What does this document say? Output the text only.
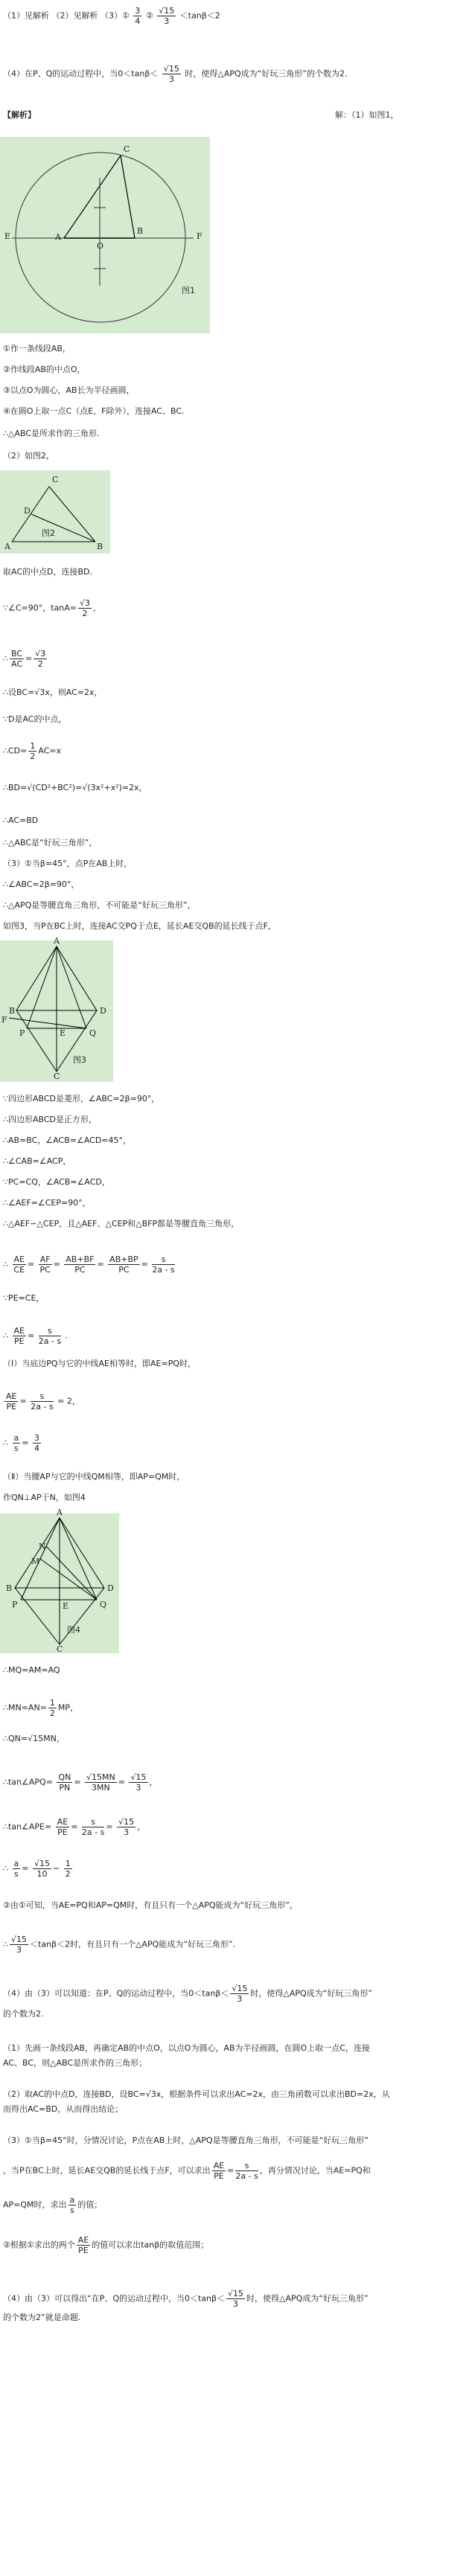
（1）见解析 （2）见解析 （3）① $\frac{3}{4}$ ② $\frac{√15}{3} <\tan\beta<2$
（4）在P、Q的运动过程中，当$0<\tan\beta< \frac{√15}{3}$ 时，使得△APQ成为“好玩三角形”的个数为2.
【解析】	解：（1）如图1，
C
E	A
B
F
O
图1
①作一条线段AB，
②作线段AB的中点O，
③以点O为圆心，AB长为半径画圆，
④在圆O上取一点C（点E、F除外），连接AC、BC.
∴△ABC是所求作的三角形.
（2）如图2，
C
D
A	B
图2
取AC的中点D，连接BD.
∵∠C=90°，$\tan A= \frac{√3}{2}$ ，
∴ $\frac{BC}{AC} = \frac{√3}{2}$
∴设BC=√3x，则AC=2x，
∵D是AC的中点，
∴CD= $\frac{1}{2} AC=x$
∴BD=√(CD²+BC²)=√(3x²+x²)=2x，
∴AC=BD
∴△ABC是“好玩三角形”，
（3）①当β=45°，点P在AB上时，
∴∠ABC=2β=90°，
∴△APQ是等腰直角三角形，不可能是“好玩三角形”，
如图3，当P在BC上时，连接AC交PQ于点E，延长AE交QB的延长线于点F，
A
B
C
D
E
F
P	Q
图3
∵四边形ABCD是菱形，∠ABC=2β=90°，
∴四边形ABCD是正方形，
∴AB=BC，∠ACB=∠ACD=45°，
∴∠CAB=∠ACP，
∵PC=CQ，∠ACB=∠ACD，
∴∠AEF=∠CEP=90°，
∴△AEF∽△CEP，且△AEF、△CEP和△BFP都是等腰直角三角形，
∴ $\frac{AE}{CE} = \frac{AF}{PC} = \frac{AB+BF}{PC} = \frac{AB+BP}{PC} = \frac{s}{2a - s}$
∵PE=CE，
∴ $\frac{AE}{PE} = \frac{s}{2a - s}$ .
（Ⅰ）当底边PQ与它的中线AE相等时，即AE=PQ时，
$\frac{AE}{PE} = \frac{s}{2a - s} = 2$，
∴ $\frac{a}{s} = \frac{3}{4}$
（Ⅱ）当腰AP与它的中线QM相等，即AP=QM时，
作QN⊥AP于N，如图4
A
B
C
D
E
M
N
P	Q
图4
∴MQ=AM=AQ
∴MN=AN= $\frac{1}{2}$ MP，
∴QN=√15MN，
∴tan∠APQ= $\frac{QN}{PN} = \frac{√15MN}{3MN} = \frac{√15}{3}$ ，
∴tan∠APE= $\frac{AE}{PE} = \frac{s}{2a - s} = \frac{√15}{3}$ ，
∴ $\frac{a}{s} = \frac{√15}{10} - \frac{1}{2}$
②由①可知，当AE=PQ和AP=QM时，有且只有一个△APQ能成为“好玩三角形”，
∴ $\frac{√15}{3} <\tan\beta<2$时，有且只有一个△APQ能成为“好玩三角形”.
（4）由（3）可以知道：在P、Q的运动过程中，当$0<\tan\beta< \frac{√15}{3}$ 时，使得△APQ成为“好玩三角形”
的个数为2.
（1）先画一条线段AB，再确定AB的中点O，以点O为圆心，AB为半径画圆，在圆O上取一点C，连接
AC、BC，则△ABC是所求作的三角形；
（2）取AC的中点D，连接BD，设BC=√3x，根据条件可以求出AC=2x，由三角函数可以求出BD=2x，从
而得出AC=BD，从而得出结论；
（3）①当β=45°时，分情况讨论，P点在AB上时，△APQ是等腰直角三角形，不可能是“好玩三角形”
，当P在BC上时，延长AE交QB的延长线于点F，可以求出 $\frac{AE}{PE} = \frac{s}{2a - s}$ ，再分情况讨论，当AE=PQ和
AP=QM时，求出 $\frac{a}{s}$ 的值；
②根据①求出的两个 $\frac{AE}{PE}$ 的值可以求出tanβ的取值范围；
（4）由（3）可以得出“在P、Q的运动过程中，当$0<\tan\beta< \frac{√15}{3}$ 时，使得△APQ成为“好玩三角形”
的个数为2”就是命题.
